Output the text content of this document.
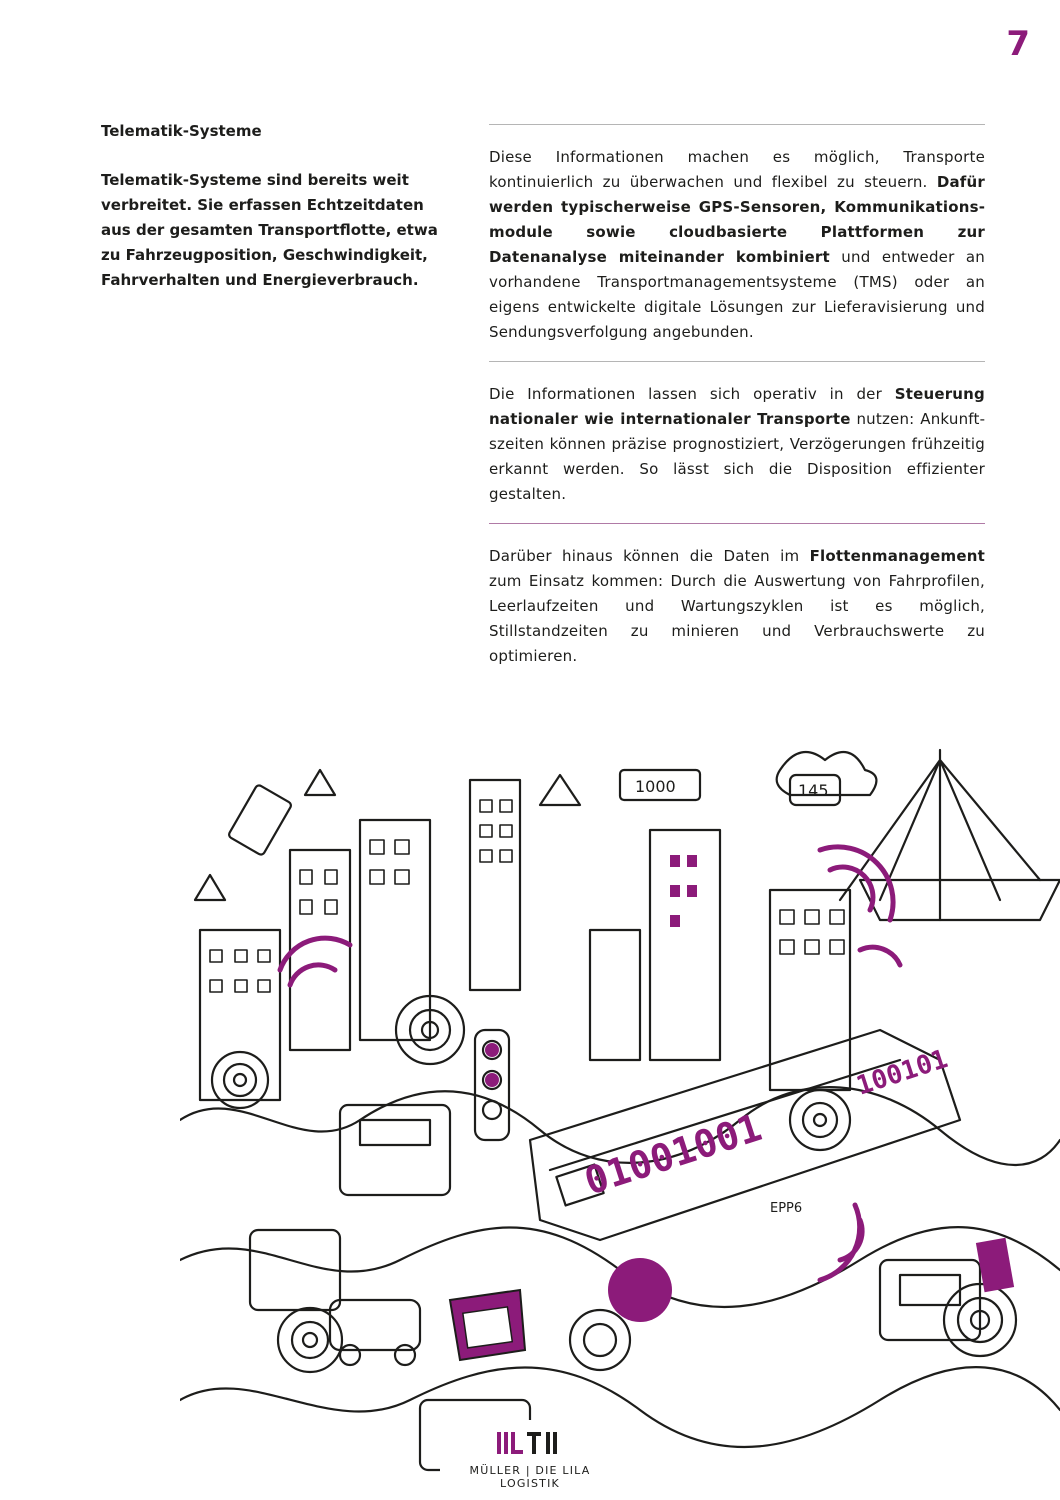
7
Telematik-Systeme

Telematik-Systeme sind bereits weit verbreitet. Sie erfassen Echtzeitdaten aus der gesamten Transportflotte, etwa zu Fahrzeugposition, Geschwindigkeit, Fahrverhalten und Energieverbrauch.

Diese Informationen machen es möglich, Transporte kontinuierlich zu überwachen und flexibel zu steuern. Dafür werden typischerweise GPS-Sensoren, Kommunikationsmodule sowie cloudbasierte Plattformen zur Datenanalyse miteinander kombiniert und entweder an vorhandene Transportmanagementsysteme (TMS) oder an eigens entwickelte digitale Lösungen zur Lieferavisierung und Sendungsverfolgung angebunden.

Die Informationen lassen sich operativ in der Steuerung nationaler wie internationaler Transporte nutzen: Ankunftszeiten können präzise prognostiziert, Verzögerungen frühzeitig erkannt werden. So lässt sich die Disposition effizienter gestalten.

Darüber hinaus können die Daten im Flottenmanagement zum Einsatz kommen: Durch die Auswertung von Fahrprofilen, Leerlaufzeiten und Wartungszyklen ist es möglich, Stillstandzeiten zu minieren und Verbrauchswerte zu optimieren.

01001001
100101
1000	145
EPP6
MÜLLER | DIE LILA LOGISTIK
